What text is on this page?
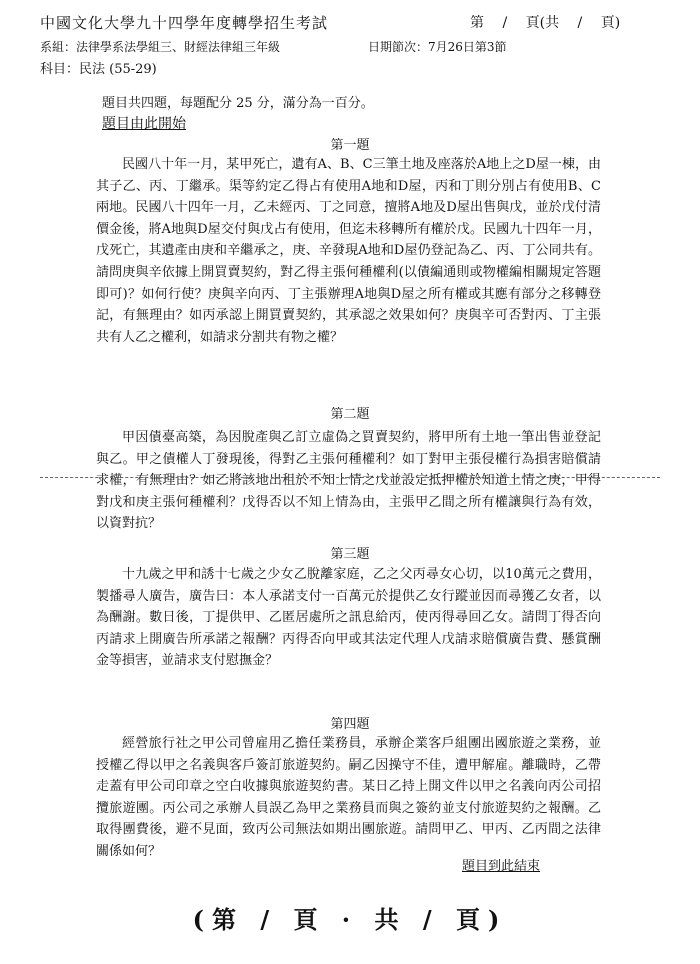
中國文化大學九十四學年度轉學招生考試	第 / 頁(共 / 頁)
系組：法律學系法學組三、財經法律組三年級	日期節次：7月26日第3節
科目：民法 (55-29)
題目共四題，每題配分 25 分，滿分為一百分。
題目由此開始
第一題

民國八十年一月，某甲死亡，遺有A、B、C三筆土地及座落於A地上之D屋一棟，由其子乙、丙、丁繼承。渠等約定乙得占有使用A地和D屋，丙和丁則分別占有使用B、C兩地。民國八十四年一月，乙未經丙、丁之同意，擅將A地及D屋出售與戊，並於戊付清價金後，將A地與D屋交付與戊占有使用，但迄未移轉所有權於戊。民國九十四年一月，戊死亡，其遺產由庚和辛繼承之，庚、辛發現A地和D屋仍登記為乙、丙、丁公同共有。請問庚與辛依據上開買賣契約，對乙得主張何種權利(以債編通則或物權編相關規定答題即可)？如何行使？庚與辛向丙、丁主張辦理A地與D屋之所有權或其應有部分之移轉登記，有無理由？如丙承認上開買賣契約，其承認之效果如何？庚與辛可否對丙、丁主張共有人乙之權利，如請求分割共有物之權？

第二題

甲因債臺高築，為因脫產與乙訂立虛偽之買賣契約，將甲所有土地一筆出售並登記與乙。甲之債權人丁發現後，得對乙主張何種權利？如丁對甲主張侵權行為損害賠償請求權，有無理由？如乙將該地出租於不知上情之戊並設定抵押權於知道上情之庚，甲得對戊和庚主張何種權利？戊得否以不知上情為由，主張甲乙間之所有權讓與行為有效，以資對抗？

第三題

十九歲之甲和誘十七歲之少女乙脫離家庭，乙之父丙尋女心切，以10萬元之費用，製播尋人廣告，廣告曰：本人承諾支付一百萬元於提供乙女行蹤並因而尋獲乙女者，以為酬謝。數日後，丁提供甲、乙匿居處所之訊息給丙，使丙得尋回乙女。請問丁得否向丙請求上開廣告所承諾之報酬？丙得否向甲或其法定代理人戊請求賠償廣告費、懸賞酬金等損害，並請求支付慰撫金？

第四題

經營旅行社之甲公司曾雇用乙擔任業務員，承辦企業客戶組團出國旅遊之業務，並授權乙得以甲之名義與客戶簽訂旅遊契約。嗣乙因操守不佳，遭甲解雇。離職時，乙帶走蓋有甲公司印章之空白收據與旅遊契約書。某日乙持上開文件以甲之名義向丙公司招攬旅遊團。丙公司之承辦人員誤乙為甲之業務員而與之簽約並支付旅遊契約之報酬。乙取得團費後，避不見面，致丙公司無法如期出團旅遊。請問甲乙、甲丙、乙丙間之法律關係如何？

題目到此結束
(第 / 頁 · 共 / 頁)
